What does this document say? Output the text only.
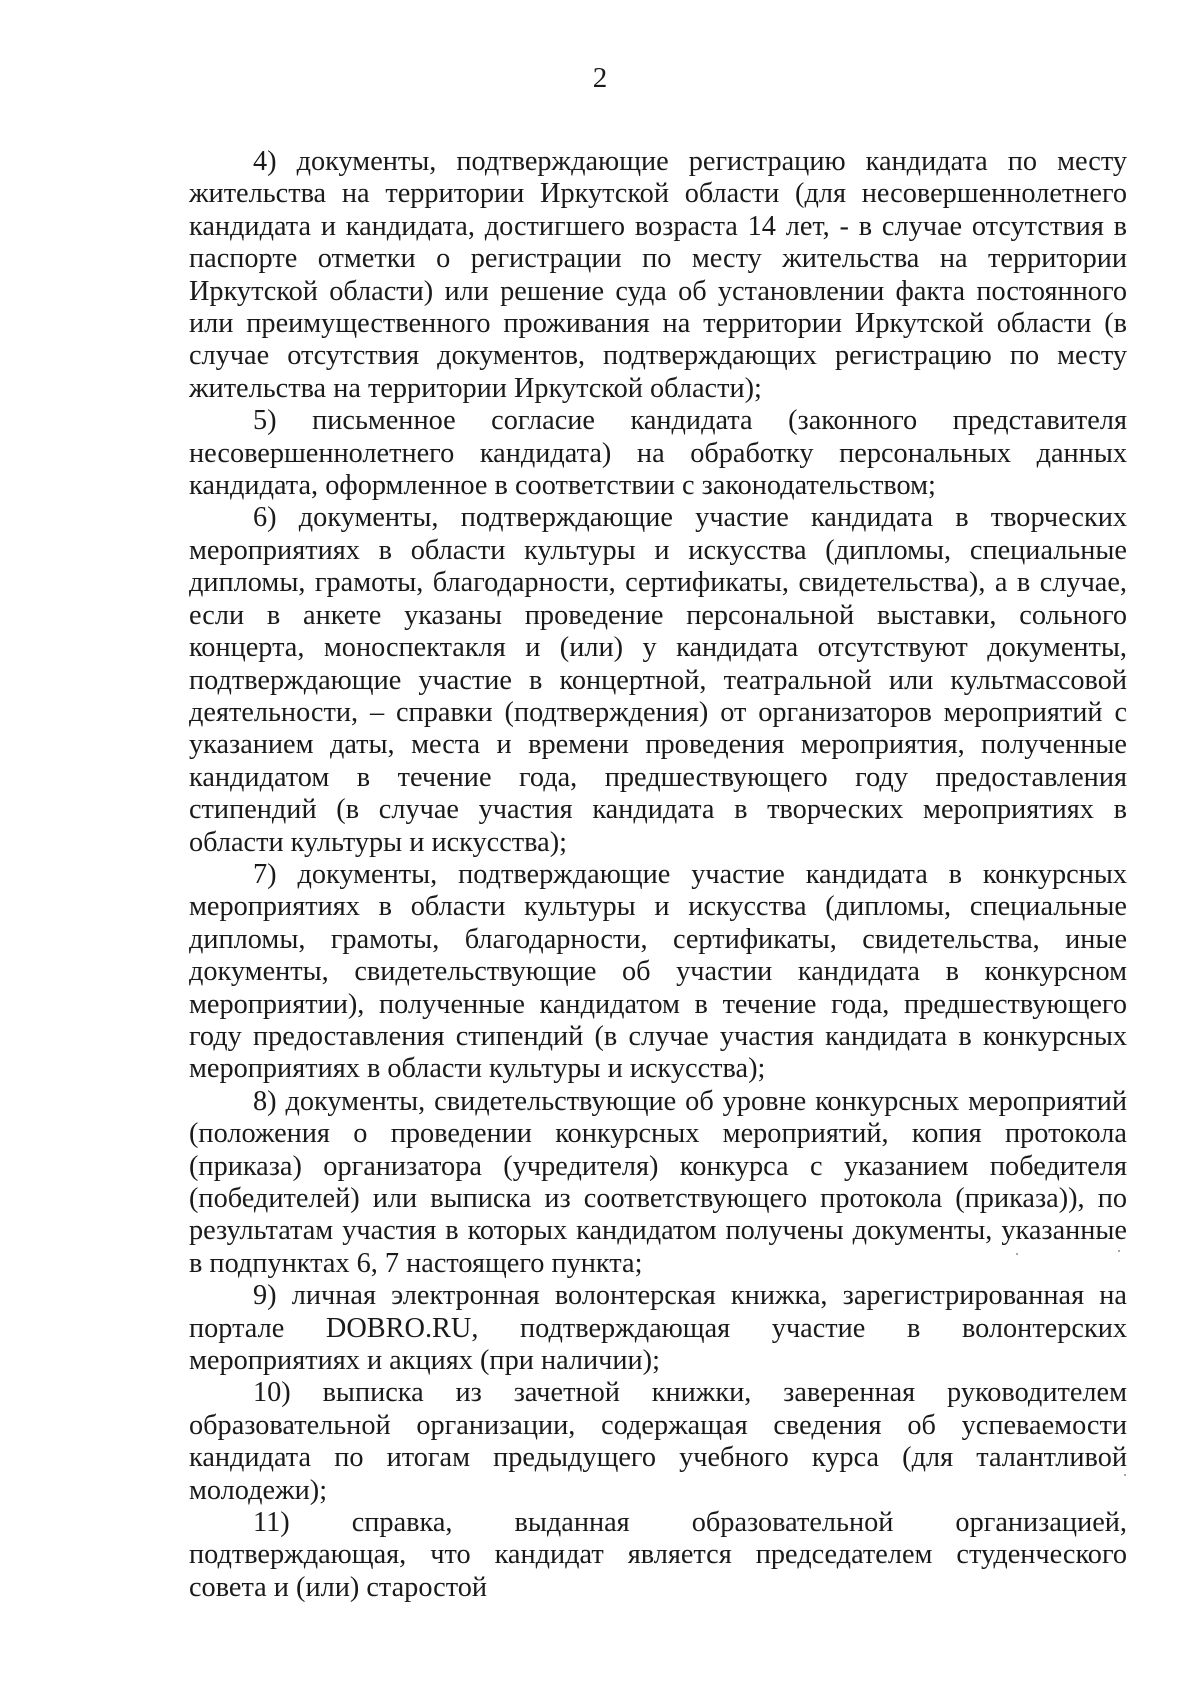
2

4) документы, подтверждающие регистрацию кандидата по месту жительства на территории Иркутской области (для несовершеннолетнего кандидата и кандидата, достигшего возраста 14 лет, - в случае отсутствия в паспорте отметки о регистрации по месту жительства на территории Иркутской области) или решение суда об установлении факта постоянного или преимущественного проживания на территории Иркутской области (в случае отсутствия документов, подтверждающих регистрацию по месту жительства на территории Иркутской области);

5) письменное согласие кандидата (законного представителя несовершеннолетнего кандидата) на обработку персональных данных кандидата, оформленное в соответствии с законодательством;

6) документы, подтверждающие участие кандидата в творческих мероприятиях в области культуры и искусства (дипломы, специальные дипломы, грамоты, благодарности, сертификаты, свидетельства), а в случае, если в анкете указаны проведение персональной выставки, сольного концерта, моноспектакля и (или) у кандидата отсутствуют документы, подтверждающие участие в концертной, театральной или культмассовой деятельности, – справки (подтверждения) от организаторов мероприятий с указанием даты, места и времени проведения мероприятия, полученные кандидатом в течение года, предшествующего году предоставления стипендий (в случае участия кандидата в творческих мероприятиях в области культуры и искусства);

7) документы, подтверждающие участие кандидата в конкурсных мероприятиях в области культуры и искусства (дипломы, специальные дипломы, грамоты, благодарности, сертификаты, свидетельства, иные документы, свидетельствующие об участии кандидата в конкурсном мероприятии), полученные кандидатом в течение года, предшествующего году предоставления стипендий (в случае участия кандидата в конкурсных мероприятиях в области культуры и искусства);

8) документы, свидетельствующие об уровне конкурсных мероприятий (положения о проведении конкурсных мероприятий, копия протокола (приказа) организатора (учредителя) конкурса с указанием победителя (победителей) или выписка из соответствующего протокола (приказа)), по результатам участия в которых кандидатом получены документы, указанные в подпунктах 6, 7 настоящего пункта;

9) личная электронная волонтерская книжка, зарегистрированная на портале DOBRO.RU, подтверждающая участие в волонтерских мероприятиях и акциях (при наличии);

10) выписка из зачетной книжки, заверенная руководителем образовательной организации, содержащая сведения об успеваемости кандидата по итогам предыдущего учебного курса (для талантливой молодежи);

11) справка, выданная образовательной организацией, подтверждающая, что кандидат является председателем студенческого совета и (или) старостой
